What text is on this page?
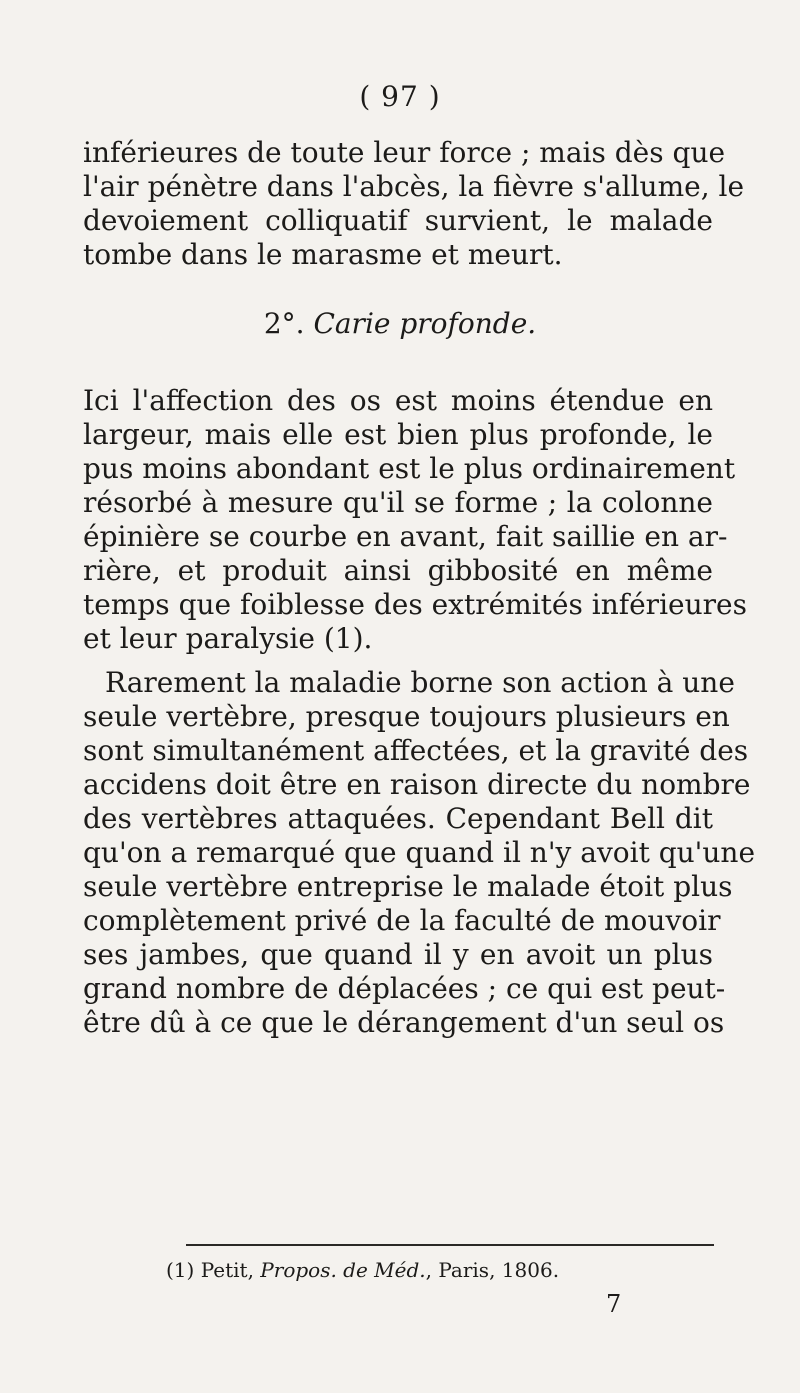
( 97 )
inférieures de toute leur force ; mais dès que
l'air pénètre dans l'abcès, la fièvre s'allume, le
devoiement colliquatif survient, le malade
tombe dans le marasme et meurt.
2°. Carie profonde.
Ici l'affection des os est moins étendue en
largeur, mais elle est bien plus profonde, le
pus moins abondant est le plus ordinairement
résorbé à mesure qu'il se forme ; la colonne
épinière se courbe en avant, fait saillie en ar-
rière, et produit ainsi gibbosité en même
temps que foiblesse des extrémités inférieures
et leur paralysie (1).
Rarement la maladie borne son action à une
seule vertèbre, presque toujours plusieurs en
sont simultanément affectées, et la gravité des
accidens doit être en raison directe du nombre
des vertèbres attaquées. Cependant Bell dit
qu'on a remarqué que quand il n'y avoit qu'une
seule vertèbre entreprise le malade étoit plus
complètement privé de la faculté de mouvoir
ses jambes, que quand il y en avoit un plus
grand nombre de déplacées ; ce qui est peut-
être dû à ce que le dérangement d'un seul os
(1) Petit, Propos. de Méd., Paris, 1806.
7
